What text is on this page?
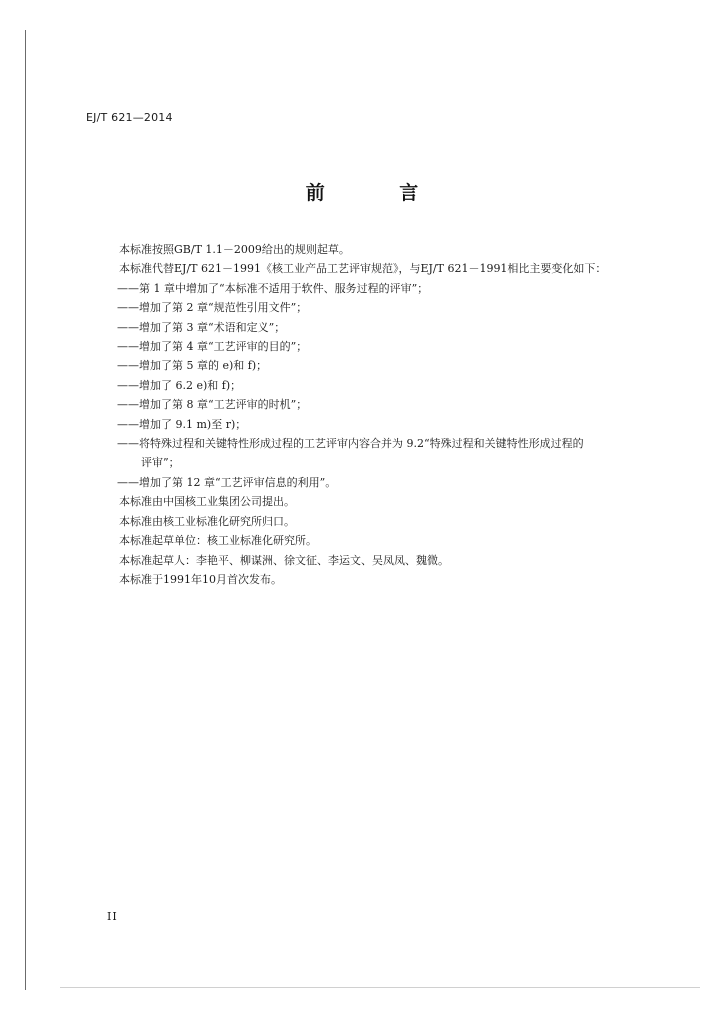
EJ/T 621—2014
前 言
本标准按照GB/T 1.1－2009给出的规则起草。
本标准代替EJ/T 621－1991《核工业产品工艺评审规范》，与EJ/T 621－1991相比主要变化如下：
——第 1 章中增加了“本标准不适用于软件、服务过程的评审”；
——增加了第 2 章“规范性引用文件”；
——增加了第 3 章“术语和定义”；
——增加了第 4 章“工艺评审的目的”；
——增加了第 5 章的 e)和 f)；
——增加了 6.2 e)和 f)；
——增加了第 8 章“工艺评审的时机”；
——增加了 9.1 m)至 r)；
——将特殊过程和关键特性形成过程的工艺评审内容合并为 9.2“特殊过程和关键特性形成过程的
评审”；
——增加了第 12 章“工艺评审信息的利用”。
本标准由中国核工业集团公司提出。
本标准由核工业标准化研究所归口。
本标准起草单位：核工业标准化研究所。
本标准起草人：李艳平、柳谋洲、徐文征、李运文、吴凤凤、魏微。
本标准于1991年10月首次发布。
II
